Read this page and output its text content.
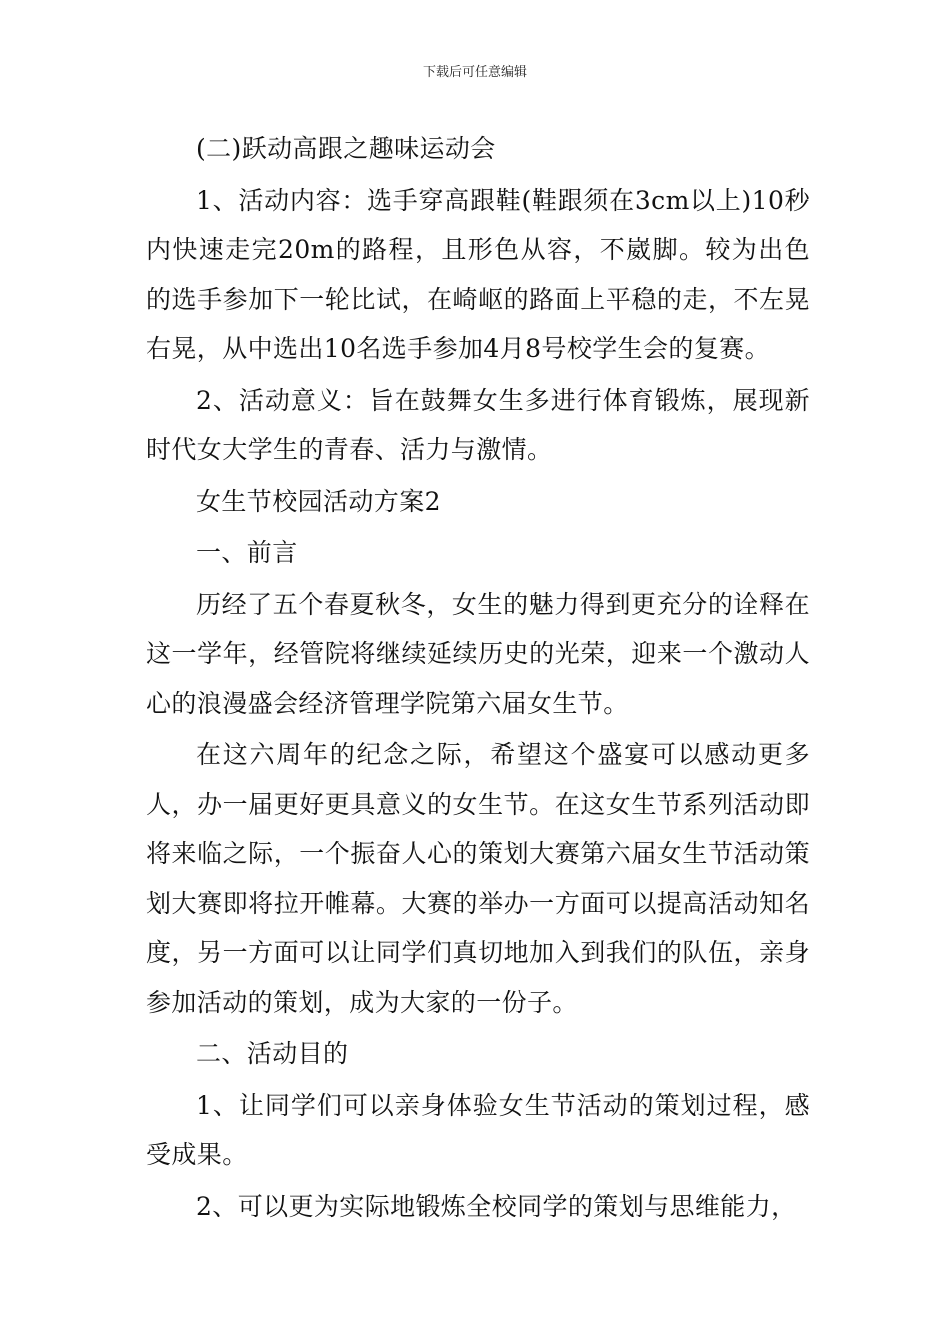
下载后可任意编辑

(二)跃动高跟之趣味运动会

1、活动内容：选手穿高跟鞋(鞋跟须在3cm以上)10秒内快速走完20m的路程，且形色从容，不崴脚。较为出色的选手参加下一轮比试，在崎岖的路面上平稳的走，不左晃右晃，从中选出10名选手参加4月8号校学生会的复赛。

2、活动意义：旨在鼓舞女生多进行体育锻炼，展现新时代女大学生的青春、活力与激情。

女生节校园活动方案2

一、前言

历经了五个春夏秋冬，女生的魅力得到更充分的诠释在这一学年，经管院将继续延续历史的光荣，迎来一个激动人心的浪漫盛会经济管理学院第六届女生节。

在这六周年的纪念之际，希望这个盛宴可以感动更多人，办一届更好更具意义的女生节。在这女生节系列活动即将来临之际，一个振奋人心的策划大赛第六届女生节活动策划大赛即将拉开帷幕。大赛的举办一方面可以提高活动知名度，另一方面可以让同学们真切地加入到我们的队伍，亲身参加活动的策划，成为大家的一份子。

二、活动目的

1、让同学们可以亲身体验女生节活动的策划过程，感受成果。

2、可以更为实际地锻炼全校同学的策划与思维能力，
